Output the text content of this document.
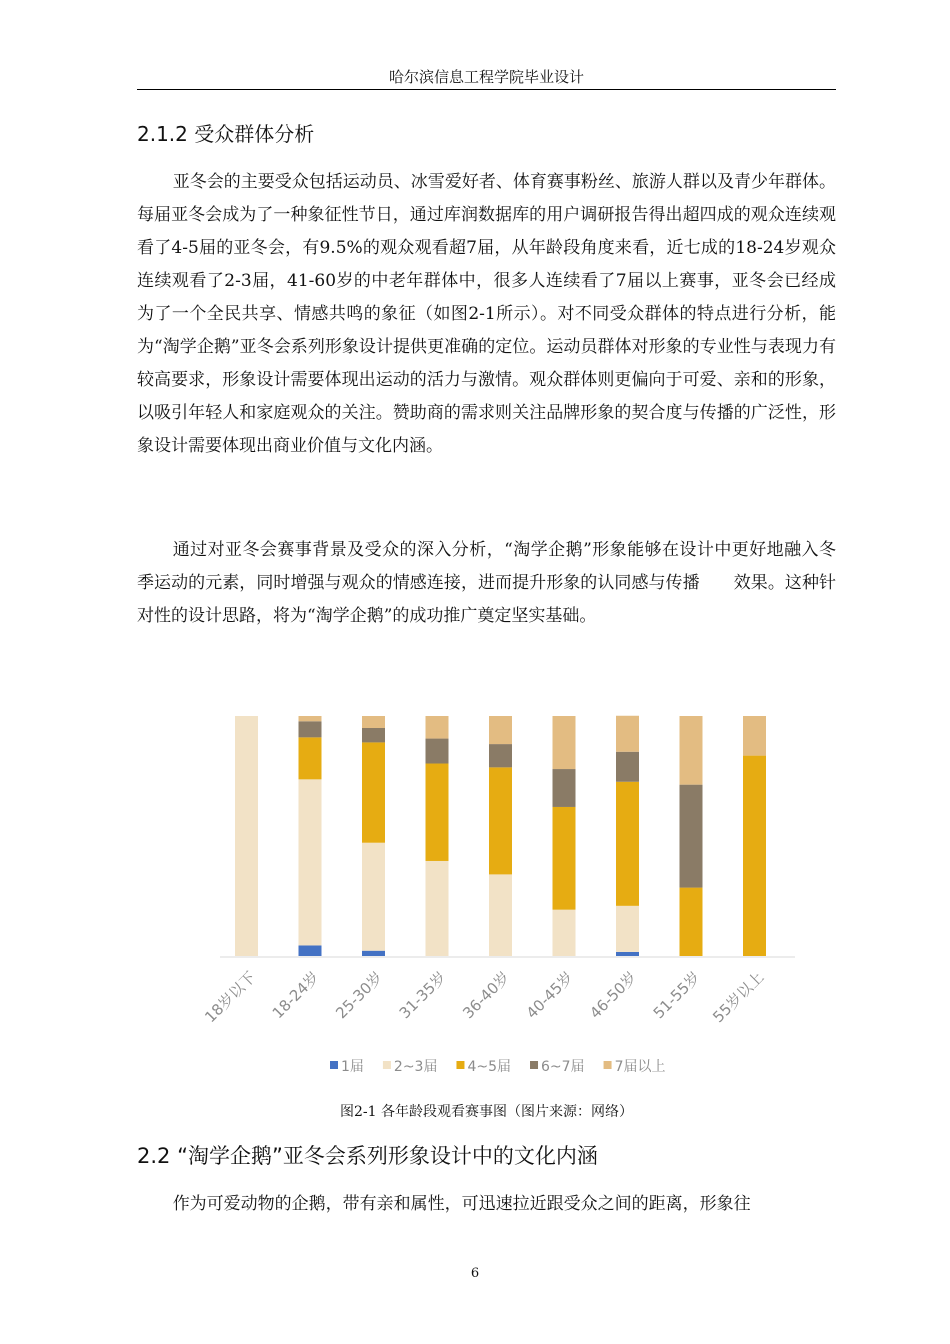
哈尔滨信息工程学院毕业设计
2.1.2 受众群体分析

亚冬会的主要受众包括运动员、冰雪爱好者、体育赛事粉丝、旅游人群以及青少年群体。每届亚冬会成为了一种象征性节日，通过库润数据库的用户调研报告得出超四成的观众连续观看了4-5届的亚冬会，有9.5%的观众观看超7届，从年龄段角度来看，近七成的18-24岁观众连续观看了2-3届，41-60岁的中老年群体中，很多人连续看了7届以上赛事，亚冬会已经成为了一个全民共享、情感共鸣的象征（如图2-1所示）。对不同受众群体的特点进行分析，能为“淘学企鹅”亚冬会系列形象设计提供更准确的定位。运动员群体对形象的专业性与表现力有较高要求，形象设计需要体现出运动的活力与激情。观众群体则更偏向于可爱、亲和的形象，以吸引年轻人和家庭观众的关注。赞助商的需求则关注品牌形象的契合度与传播的广泛性，形象设计需要体现出商业价值与文化内涵。

通过对亚冬会赛事背景及受众的深入分析，“淘学企鹅”形象能够在设计中更好地融入冬季运动的元素，同时增强与观众的情感连接，进而提升形象的认同感与传播　　效果。这种针对性的设计思路，将为“淘学企鹅”的成功推广奠定坚实基础。

18岁以下 18-24岁 25-30岁 31-35岁 36-40岁 40-45岁 46-50岁 51-55岁 55岁以上
1届 2~3届 4~5届 6~7届 7届以上
图2-1 各年龄段观看赛事图（图片来源：网络）
2.2 “淘学企鹅”亚冬会系列形象设计中的文化内涵

作为可爱动物的企鹅，带有亲和属性，可迅速拉近跟受众之间的距离，形象往

6
